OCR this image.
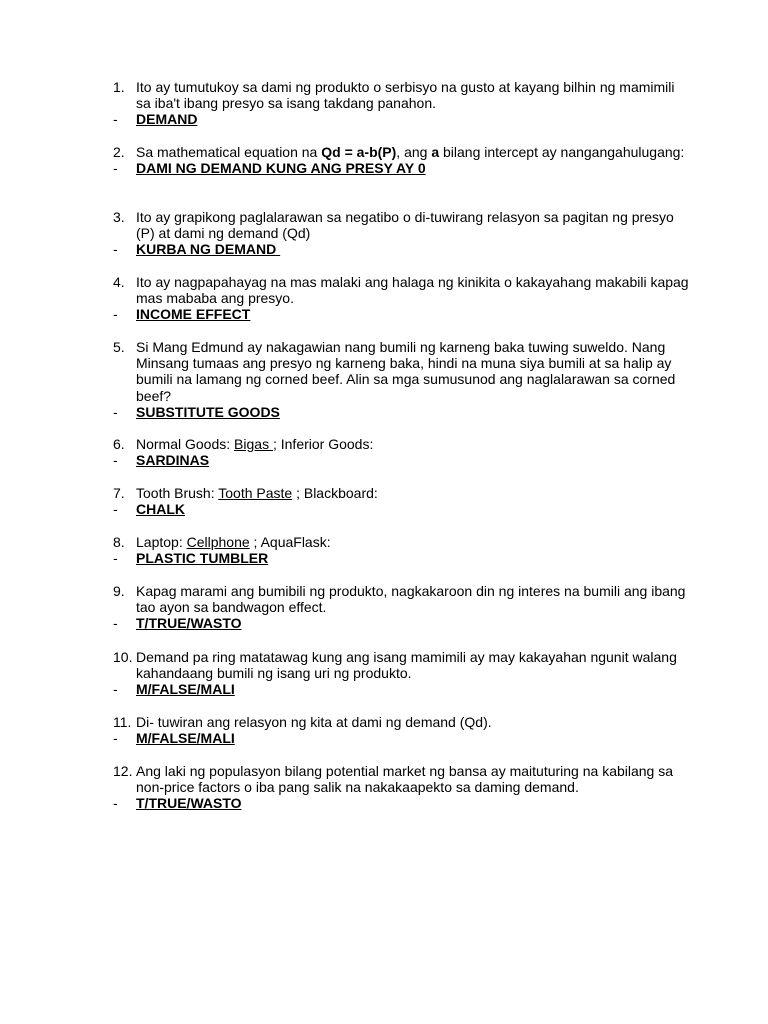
1. Ito ay tumutukoy sa dami ng produkto o serbisyo na gusto at kayang bilhin ng mamimili sa iba't ibang presyo sa isang takdang panahon.
- DEMAND
2. Sa mathematical equation na Qd = a-b(P), ang a bilang intercept ay nangangahulugang:
- DAMI NG DEMAND KUNG ANG PRESY AY 0
3. Ito ay grapikong paglalarawan sa negatibo o di-tuwirang relasyon sa pagitan ng presyo (P) at dami ng demand (Qd)
- KURBA NG DEMAND
4. Ito ay nagpapahayag na mas malaki ang halaga ng kinikita o kakayahang makabili kapag mas mababa ang presyo.
- INCOME EFFECT
5. Si Mang Edmund ay nakagawian nang bumili ng karneng baka tuwing suweldo. Nang Minsang tumaas ang presyo ng karneng baka, hindi na muna siya bumili at sa halip ay bumili na lamang ng corned beef. Alin sa mga sumusunod ang naglalarawan sa corned beef?
- SUBSTITUTE GOODS
6. Normal Goods: Bigas ; Inferior Goods:
- SARDINAS
7. Tooth Brush: Tooth Paste ; Blackboard:
- CHALK
8. Laptop: Cellphone ; AquaFlask:
- PLASTIC TUMBLER
9. Kapag marami ang bumibili ng produkto, nagkakaroon din ng interes na bumili ang ibang tao ayon sa bandwagon effect.
- T/TRUE/WASTO
10. Demand pa ring matatawag kung ang isang mamimili ay may kakayahan ngunit walang kahandaang bumili ng isang uri ng produkto.
- M/FALSE/MALI
11. Di- tuwiran ang relasyon ng kita at dami ng demand (Qd).
- M/FALSE/MALI
12. Ang laki ng populasyon bilang potential market ng bansa ay maituturing na kabilang sa non-price factors o iba pang salik na nakakaapekto sa daming demand.
- T/TRUE/WASTO
